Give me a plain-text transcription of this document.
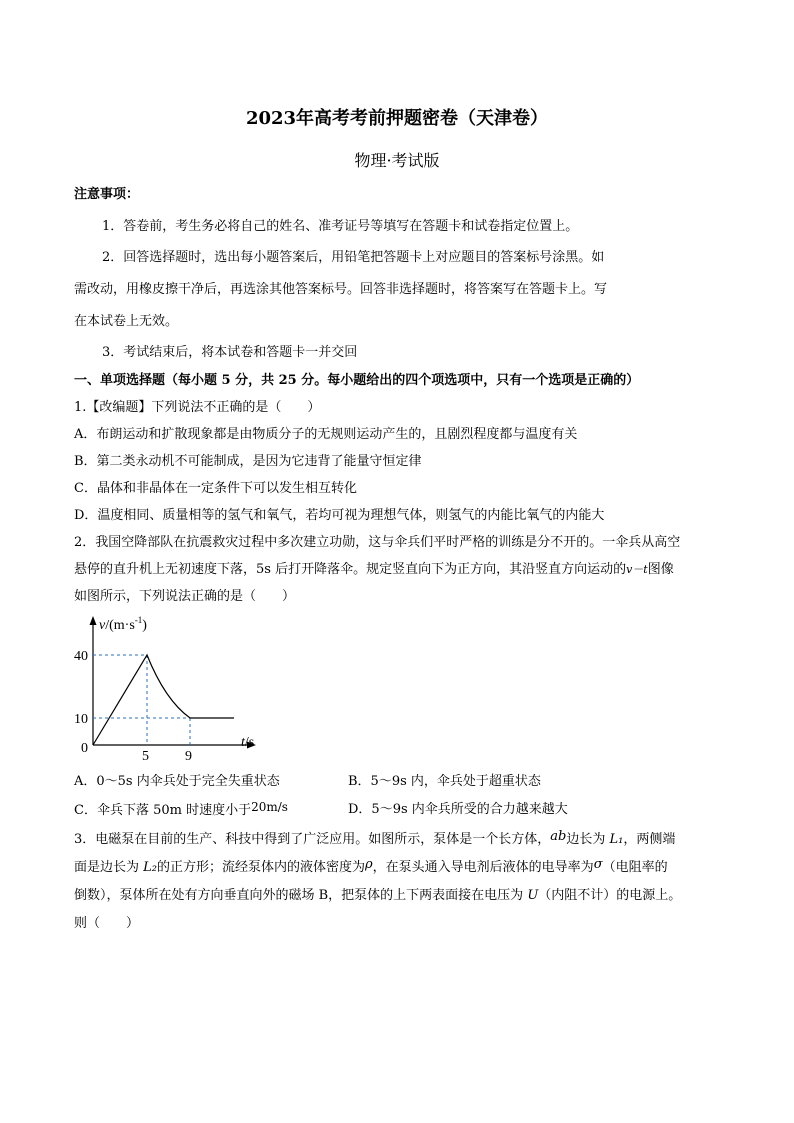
2023年高考考前押题密卷（天津卷）
物理·考试版
注意事项：
1．答卷前，考生务必将自己的姓名、准考证号等填写在答题卡和试卷指定位置上。
2．回答选择题时，选出每小题答案后，用铅笔把答题卡上对应题目的答案标号涂黑。如
需改动，用橡皮擦干净后，再选涂其他答案标号。回答非选择题时，将答案写在答题卡上。写
在本试卷上无效。
3．考试结束后，将本试卷和答题卡一并交回
一、单项选择题（每小题 5 分，共 25 分。每小题给出的四个项选项中，只有一个选项是正确的）
1.【改编题】下列说法不正确的是（　　）
A．布朗运动和扩散现象都是由物质分子的无规则运动产生的，且剧烈程度都与温度有关
B．第二类永动机不可能制成，是因为它违背了能量守恒定律
C．晶体和非晶体在一定条件下可以发生相互转化
D．温度相同、质量相等的氢气和氧气，若均可视为理想气体，则氢气的内能比氧气的内能大
2．我国空降部队在抗震救灾过程中多次建立功勋，这与伞兵们平时严格的训练是分不开的。一伞兵从高空
悬停的直升机上无初速度下落，5s 后打开降落伞。规定竖直向下为正方向，其沿竖直方向运动的v－t图像
如图所示，下列说法正确的是（　　）
$v/(m\cdot s^{-1})$
t/s
40
10
0
5	9
A．0～5s 内伞兵处于完全失重状态	B．5～9s 内，伞兵处于超重状态
C．伞兵下落 50m 时速度小于20m/s	D．5～9s 内伞兵所受的合力越来越大
3．电磁泵在目前的生产、科技中得到了广泛应用。如图所示，泵体是一个长方体，ab边长为 L₁，两侧端
面是边长为 L₂的正方形；流经泵体内的液体密度为ρ，在泵头通入导电剂后液体的电导率为σ（电阻率的
倒数），泵体所在处有方向垂直向外的磁场 B，把泵体的上下两表面接在电压为 U（内阻不计）的电源上。
则（　　）
